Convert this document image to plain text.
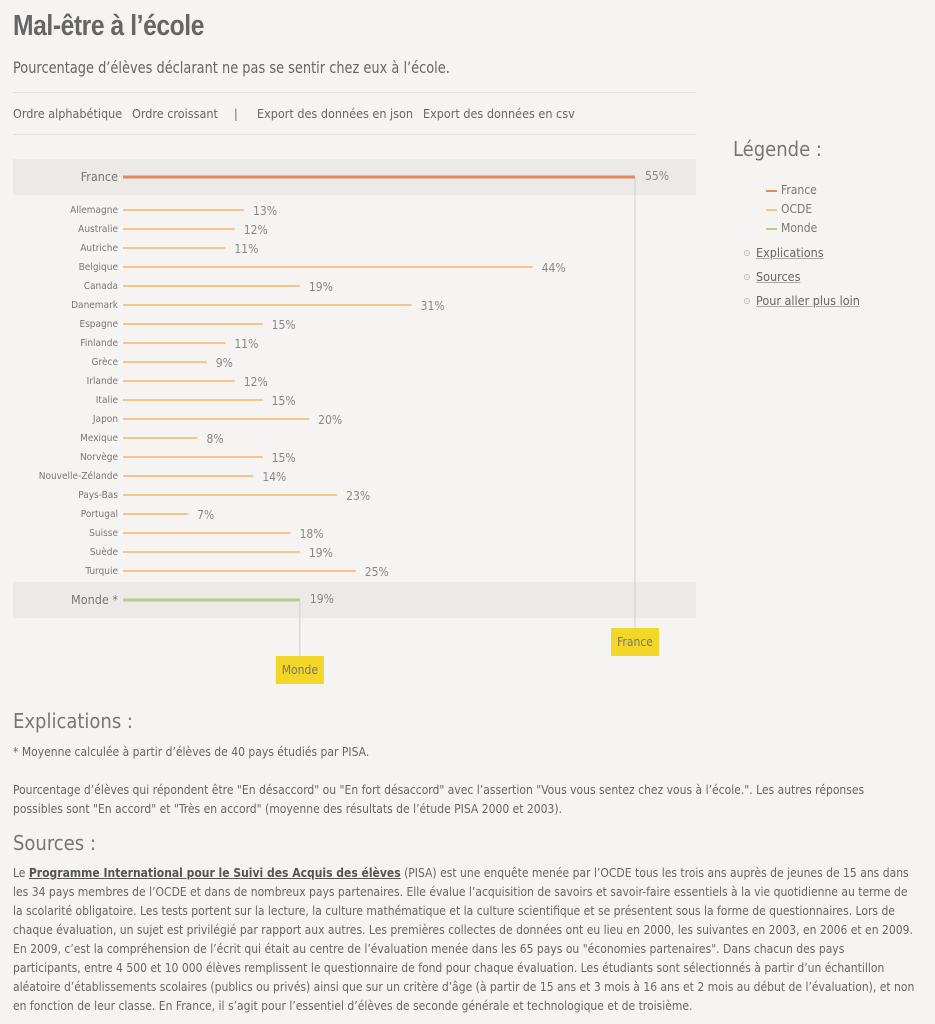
Mal-être à l’école
Pourcentage d’élèves déclarant ne pas se sentir chez eux à l’école.
Ordre alphabétique Ordre croissant | Export des données en json Export des données en csv
France	55%
Allemagne	13%
Australie	12%
Autriche	11%
Belgique	44%
Canada	19%
Danemark	31%
Espagne	15%
Finlande	11%
Grèce	9%
Irlande	12%
Italie	15%
Japon	20%
Mexique	8%
Norvège	15%
Nouvelle-Zélande	14%
Pays-Bas	23%
Portugal	7%
Suisse	18%
Suède	19%
Turquie	25%
Monde *	19%
France
Monde
Légende :
France
OCDE
Monde
Explications
Sources
Pour aller plus loin
Explications :
* Moyenne calculée à partir d’élèves de 40 pays étudiés par PISA.
Pourcentage d’élèves qui répondent être "En désaccord" ou "En fort désaccord" avec l’assertion "Vous vous sentez chez vous à l’école.". Les autres réponses possibles sont "En accord" et "Très en accord" (moyenne des résultats de l’étude PISA 2000 et 2003).
Sources :
Le Programme International pour le Suivi des Acquis des élèves (PISA) est une enquête menée par l’OCDE tous les trois ans auprès de jeunes de 15 ans dans les 34 pays membres de l’OCDE et dans de nombreux pays partenaires. Elle évalue l’acquisition de savoirs et savoir-faire essentiels à la vie quotidienne au terme de la scolarité obligatoire. Les tests portent sur la lecture, la culture mathématique et la culture scientifique et se présentent sous la forme de questionnaires. Lors de chaque évaluation, un sujet est privilégié par rapport aux autres. Les premières collectes de données ont eu lieu en 2000, les suivantes en 2003, en 2006 et en 2009. En 2009, c’est la compréhension de l’écrit qui était au centre de l’évaluation menée dans les 65 pays ou "économies partenaires". Dans chacun des pays participants, entre 4 500 et 10 000 élèves remplissent le questionnaire de fond pour chaque évaluation. Les étudiants sont sélectionnés à partir d’un échantillon aléatoire d’établissements scolaires (publics ou privés) ainsi que sur un critère d’âge (à partir de 15 ans et 3 mois à 16 ans et 2 mois au début de l’évaluation), et non en fonction de leur classe. En France, il s’agit pour l’essentiel d’élèves de seconde générale et technologique et de troisième.
